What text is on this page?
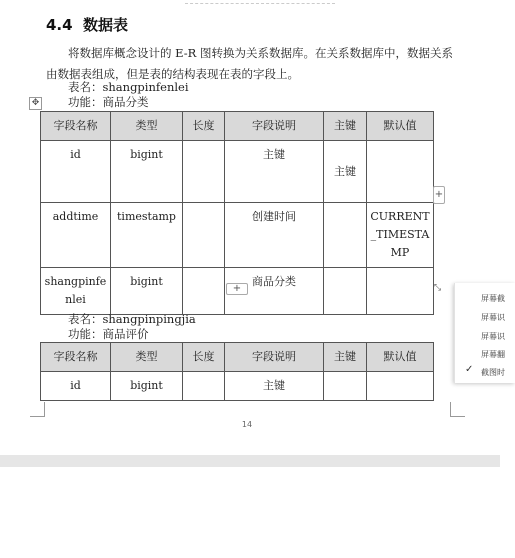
4.4 数据表
将数据库概念设计的 E-R 图转换为关系数据库。在关系数据库中，数据关系由数据表组成，但是表的结构表现在表的字段上。
表名：shangpinfenlei
功能：商品分类
✥
字段名称	类型	长度	字段说明	主键	默认值
id	bigint		主键	主键	
addtime	timestamp		创建时间		CURRENT_TIMESTAMP
shangpinfenlei	bigint		商品分类		
+
+	⤡
表名：shangpinpingjia
功能：商品评价
字段名称	类型	长度	字段说明	主键	默认值
id	bigint		主键		
14
屏幕截
屏幕识
屏幕识
屏幕翻
✓ 截图时
